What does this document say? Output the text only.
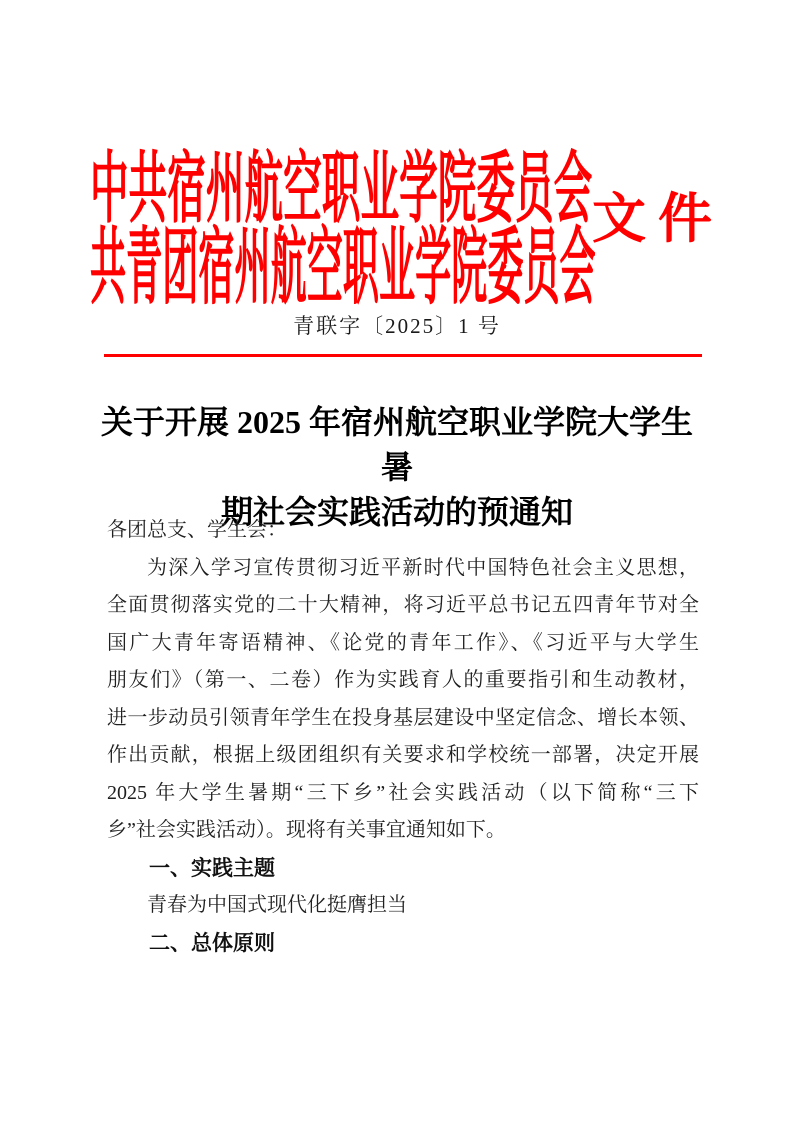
中共宿州航空职业学院委员会
共青团宿州航空职业学院委员会
文件
青联字〔2025〕1 号
关于开展 2025 年宿州航空职业学院大学生暑
期社会实践活动的预通知
各团总支、学生会：
为深入学习宣传贯彻习近平新时代中国特色社会主义思想，
全面贯彻落实党的二十大精神，将习近平总书记五四青年节对全
国广大青年寄语精神、《论党的青年工作》、《习近平与大学生
朋友们》（第一、二卷）作为实践育人的重要指引和生动教材，
进一步动员引领青年学生在投身基层建设中坚定信念、增长本领、
作出贡献，根据上级团组织有关要求和学校统一部署，决定开展
2025 年大学生暑期“三下乡”社会实践活动（以下简称“三下
乡”社会实践活动）。现将有关事宜通知如下。
一、实践主题
青春为中国式现代化挺膺担当
二、总体原则
